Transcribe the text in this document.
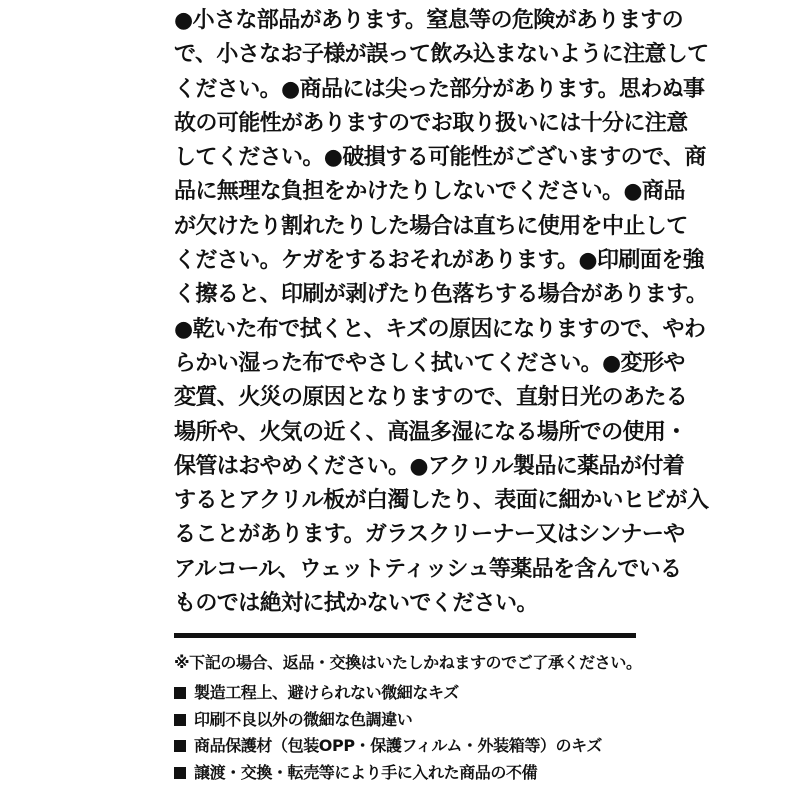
●小さな部品があります。窒息等の危険がありますの
で、小さなお子様が誤って飲み込まないように注意して
ください。●商品には尖った部分があります。思わぬ事
故の可能性がありますのでお取り扱いには十分に注意
してください。●破損する可能性がございますので、商
品に無理な負担をかけたりしないでください。●商品
が欠けたり割れたりした場合は直ちに使用を中止して
ください。ケガをするおそれがあります。●印刷面を強
く擦ると、印刷が剥げたり色落ちする場合があります。
●乾いた布で拭くと、キズの原因になりますので、やわ
らかい湿った布でやさしく拭いてください。●変形や
変質、火災の原因となりますので、直射日光のあたる
場所や、火気の近く、高温多湿になる場所での使用・
保管はおやめください。●アクリル製品に薬品が付着
するとアクリル板が白濁したり、表面に細かいヒビが入
ることがあります。ガラスクリーナー又はシンナーや
アルコール、ウェットティッシュ等薬品を含んでいる
ものでは絶対に拭かないでください。
※下記の場合、返品・交換はいたしかねますのでご了承ください。
製造工程上、避けられない微細なキズ
印刷不良以外の微細な色調違い
商品保護材（包装OPP・保護フィルム・外装箱等）のキズ
譲渡・交換・転売等により手に入れた商品の不備
